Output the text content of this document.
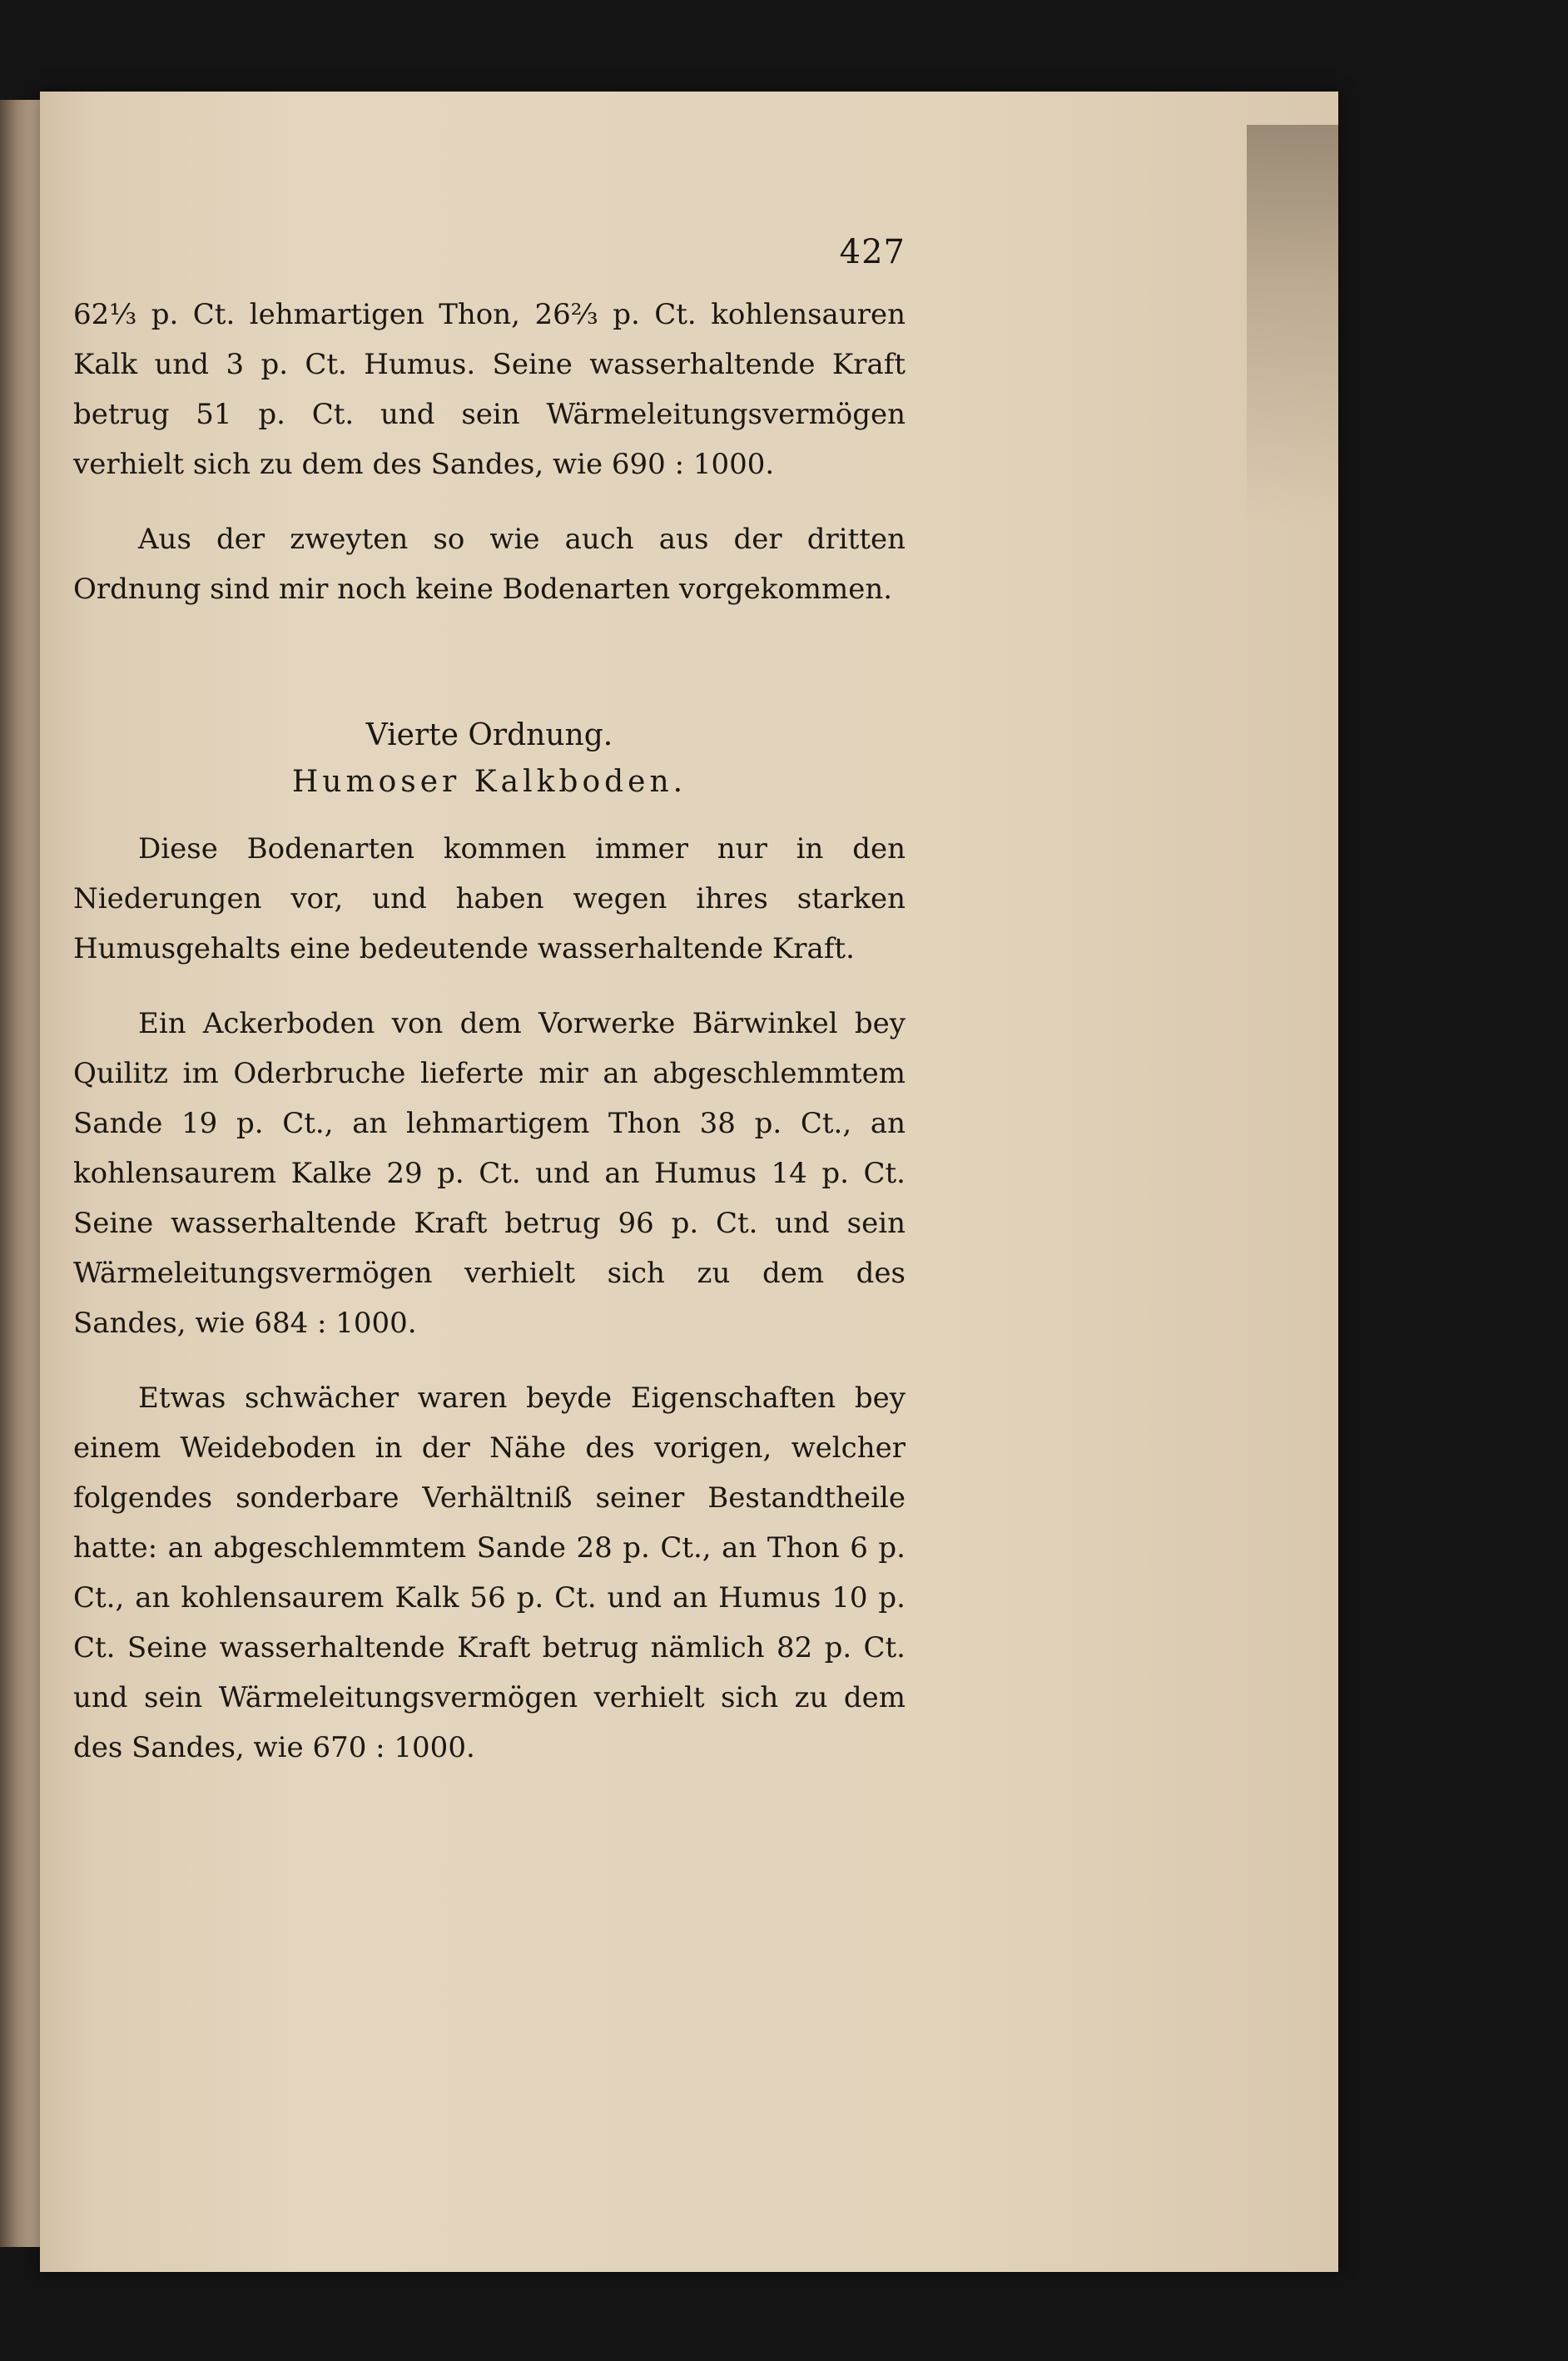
427

62⅓ p. Ct. lehmartigen Thon, 26⅔ p. Ct. kohlensauren Kalk und 3 p. Ct. Humus. Seine wasserhaltende Kraft betrug 51 p. Ct. und sein Wärmeleitungsvermögen verhielt sich zu dem des Sandes, wie 690 : 1000.

Aus der zweyten so wie auch aus der dritten Ordnung sind mir noch keine Bodenarten vorgekommen.

Vierte Ordnung.
Humoser Kalkboden.

Diese Bodenarten kommen immer nur in den Niederungen vor, und haben wegen ihres starken Humusgehalts eine bedeutende wasserhaltende Kraft.

Ein Ackerboden von dem Vorwerke Bärwinkel bey Quilitz im Oderbruche lieferte mir an abgeschlemmtem Sande 19 p. Ct., an lehmartigem Thon 38 p. Ct., an kohlensaurem Kalke 29 p. Ct. und an Humus 14 p. Ct. Seine wasserhaltende Kraft betrug 96 p. Ct. und sein Wärmeleitungsvermögen verhielt sich zu dem des Sandes, wie 684 : 1000.

Etwas schwächer waren beyde Eigenschaften bey einem Weideboden in der Nähe des vorigen, welcher folgendes sonderbare Verhältniß seiner Bestandtheile hatte: an abgeschlemmtem Sande 28 p. Ct., an Thon 6 p. Ct., an kohlensaurem Kalk 56 p. Ct. und an Humus 10 p. Ct. Seine wasserhaltende Kraft betrug nämlich 82 p. Ct. und sein Wärmeleitungsvermögen verhielt sich zu dem des Sandes, wie 670 : 1000.
